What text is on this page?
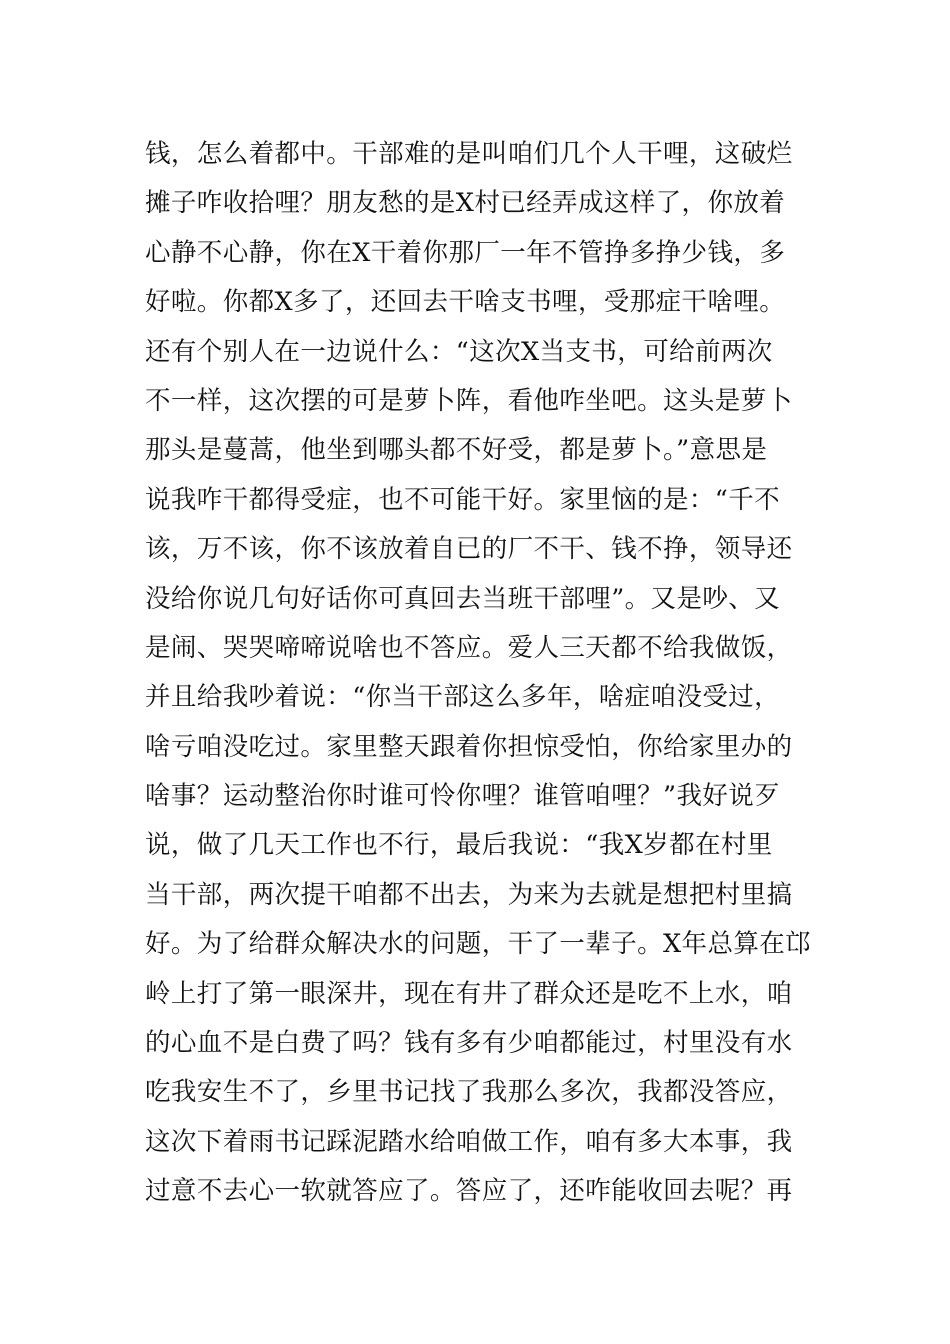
钱，怎么着都中。干部难的是叫咱们几个人干哩，这破烂
摊子咋收拾哩？朋友愁的是X村已经弄成这样了，你放着
心静不心静，你在X干着你那厂一年不管挣多挣少钱，多
好啦。你都X多了，还回去干啥支书哩，受那症干啥哩。
还有个别人在一边说什么：“这次X当支书，可给前两次
不一样，这次摆的可是萝卜阵，看他咋坐吧。这头是萝卜
那头是蔓蒿，他坐到哪头都不好受，都是萝卜。”意思是
说我咋干都得受症，也不可能干好。家里恼的是：“千不
该，万不该，你不该放着自已的厂不干、钱不挣，领导还
没给你说几句好话你可真回去当班干部哩”。又是吵、又
是闹、哭哭啼啼说啥也不答应。爱人三天都不给我做饭，
并且给我吵着说：“你当干部这么多年，啥症咱没受过，
啥亏咱没吃过。家里整天跟着你担惊受怕，你给家里办的
啥事？运动整治你时谁可怜你哩？谁管咱哩？”我好说歹
说，做了几天工作也不行，最后我说：“我X岁都在村里
当干部，两次提干咱都不出去，为来为去就是想把村里搞
好。为了给群众解决水的问题，干了一辈子。X年总算在邙
岭上打了第一眼深井，现在有井了群众还是吃不上水，咱
的心血不是白费了吗？钱有多有少咱都能过，村里没有水
吃我安生不了，乡里书记找了我那么多次，我都没答应，
这次下着雨书记踩泥踏水给咱做工作，咱有多大本事，我
过意不去心一软就答应了。答应了，还咋能收回去呢？再
